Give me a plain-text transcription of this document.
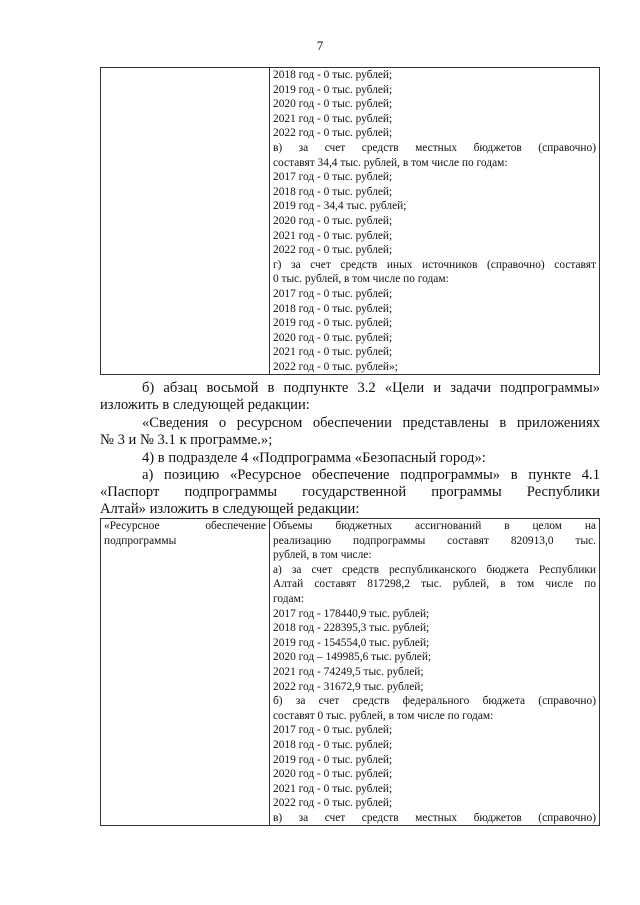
7

2018 год - 0 тыс. рублей;
2019 год - 0 тыс. рублей;
2020 год - 0 тыс. рублей;
2021 год - 0 тыс. рублей;
2022 год - 0 тыс. рублей;
в) за счет средств местных бюджетов (справочно)
составят 34,4 тыс. рублей, в том числе по годам:
2017 год - 0 тыс. рублей;
2018 год - 0 тыс. рублей;
2019 год - 34,4 тыс. рублей;
2020 год - 0 тыс. рублей;
2021 год - 0 тыс. рублей;
2022 год - 0 тыс. рублей;
г) за счет средств иных источников (справочно) составят
0 тыс. рублей, в том числе по годам:
2017 год - 0 тыс. рублей;
2018 год - 0 тыс. рублей;
2019 год - 0 тыс. рублей;
2020 год - 0 тыс. рублей;
2021 год - 0 тыс. рублей;
2022 год - 0 тыс. рублей»;
б) абзац восьмой в подпункте 3.2 «Цели и задачи подпрограммы»
изложить в следующей редакции:
«Сведения о ресурсном обеспечении представлены в приложениях
№ 3 и № 3.1 к программе.»;
4) в подразделе 4 «Подпрограмма «Безопасный город»:
а) позицию «Ресурсное обеспечение подпрограммы» в пункте 4.1
«Паспорт подпрограммы государственной программы Республики
Алтай» изложить в следующей редакции:
«Ресурсное обеспечение подпрограммы

Объемы бюджетных ассигнований в целом на
реализацию подпрограммы составят 820913,0 тыс.
рублей, в том числе:
а) за счет средств республиканского бюджета Республики
Алтай составят 817298,2 тыс. рублей, в том числе по
годам:
2017 год - 178440,9 тыс. рублей;
2018 год - 228395,3 тыс. рублей;
2019 год - 154554,0 тыс. рублей;
2020 год – 149985,6 тыс. рублей;
2021 год - 74249,5 тыс. рублей;
2022 год - 31672,9 тыс. рублей;
б) за счет средств федерального бюджета (справочно)
составят 0 тыс. рублей, в том числе по годам:
2017 год - 0 тыс. рублей;
2018 год - 0 тыс. рублей;
2019 год - 0 тыс. рублей;
2020 год - 0 тыс. рублей;
2021 год - 0 тыс. рублей;
2022 год - 0 тыс. рублей;
в) за счет средств местных бюджетов (справочно)
